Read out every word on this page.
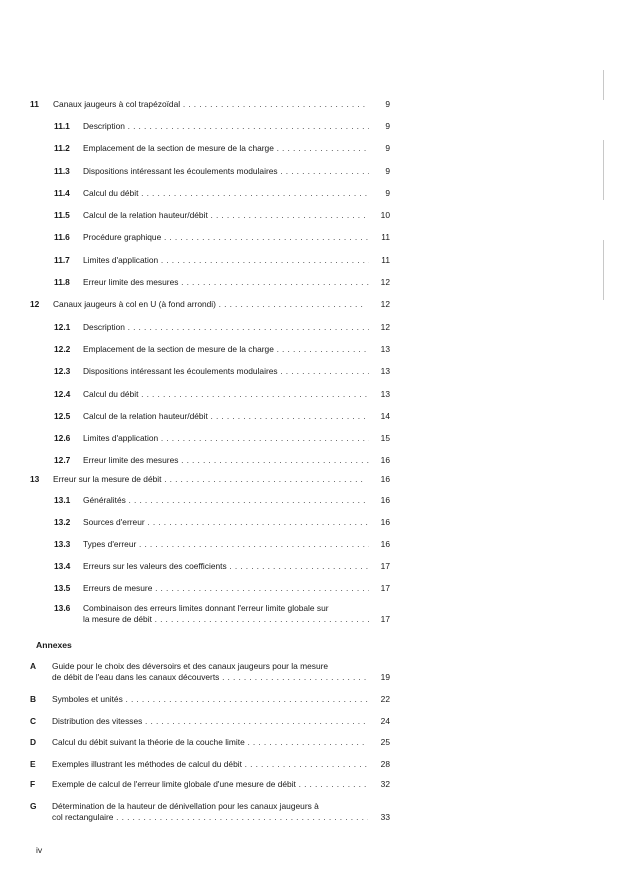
11 Canaux jaugeurs à col trapézoïdal . . .	9
11.1 Description . . .	9
11.2 Emplacement de la section de mesure de la charge . . .	9
11.3 Dispositions intéressant les écoulements modulaires . . .	9
11.4 Calcul du débit . . .	9
11.5 Calcul de la relation hauteur/débit . . .	10
11.6 Procédure graphique . . .	11
11.7 Limites d'application . . .	11
11.8 Erreur limite des mesures . . .	12
12 Canaux jaugeurs à col en U (à fond arrondi) . . .	12
12.1 Description . . .	12
12.2 Emplacement de la section de mesure de la charge . . .	13
12.3 Dispositions intéressant les écoulements modulaires . . .	13
12.4 Calcul du débit . . .	13
12.5 Calcul de la relation hauteur/débit . . .	14
12.6 Limites d'application . . .	15
12.7 Erreur limite des mesures . . .	16
13 Erreur sur la mesure de débit . . .	16
13.1 Généralités . . .	16
13.2 Sources d'erreur . . .	16
13.3 Types d'erreur . . .	16
13.4 Erreurs sur les valeurs des coefficients . . .	17
13.5 Erreurs de mesure . . .	17
13.6 Combinaison des erreurs limites donnant l'erreur limite globale sur
la mesure de débit . . .	17
A Guide pour le choix des déversoirs et des canaux jaugeurs pour la mesure
de débit de l'eau dans les canaux découverts . . .	19
B Symboles et unités . . .	22
C Distribution des vitesses . . .	24
D Calcul du débit suivant la théorie de la couche limite . . .	25
E Exemples illustrant les méthodes de calcul du débit . . .	28
F Exemple de calcul de l'erreur limite globale d'une mesure de débit . . .	32
G Détermination de la hauteur de dénivellation pour les canaux jaugeurs à
col rectangulaire . . .	33
Annexes
iv
